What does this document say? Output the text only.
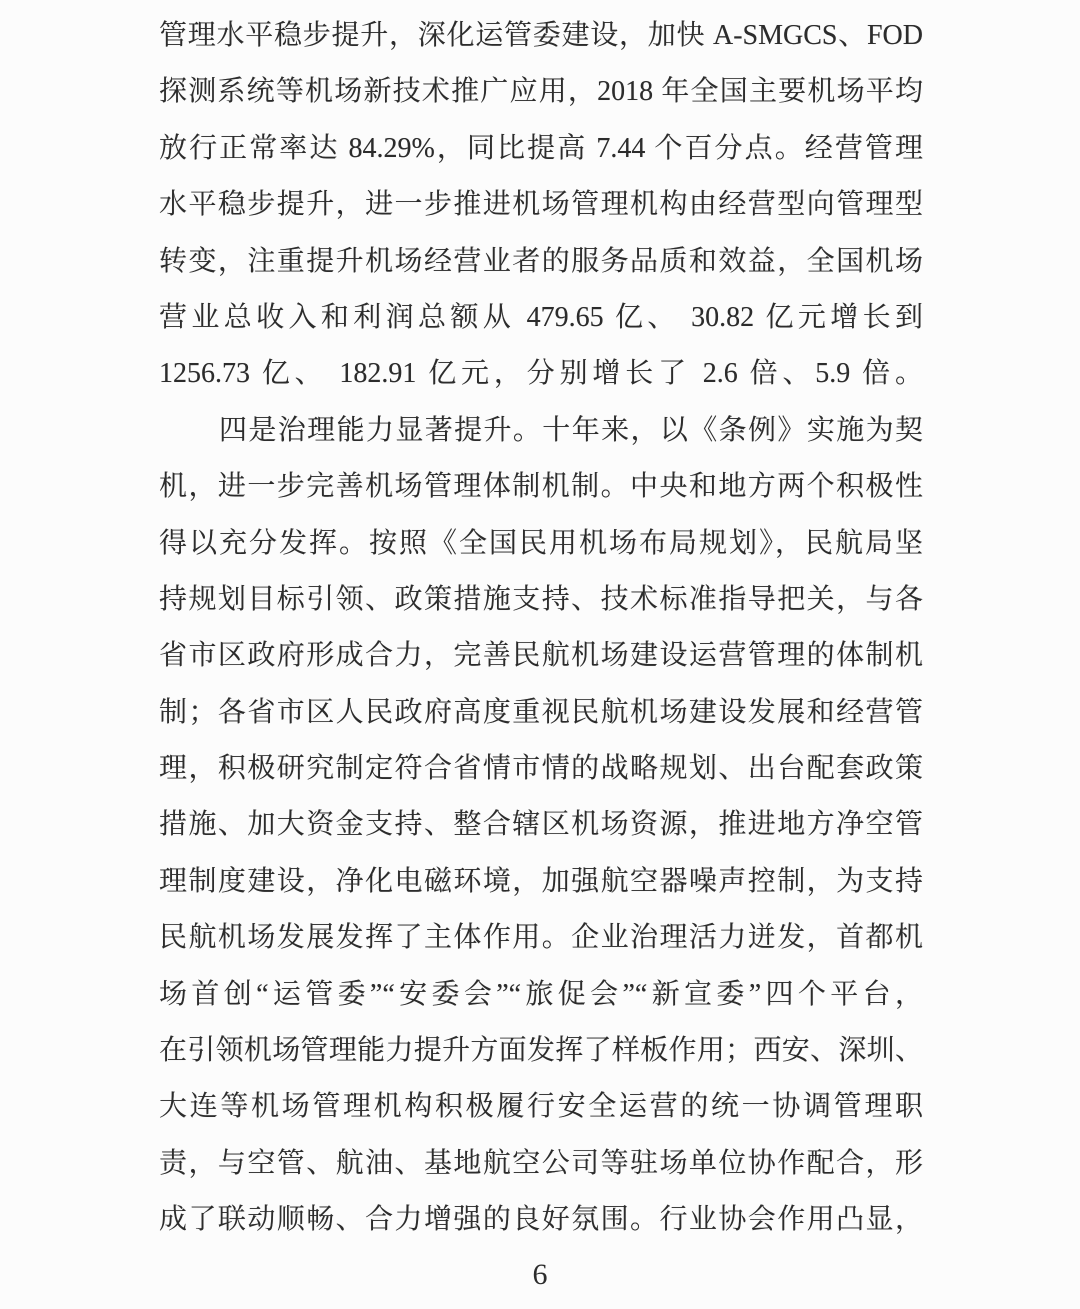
管理水平稳步提升，深化运管委建设，加快 A-SMGCS、FOD
探测系统等机场新技术推广应用，2018 年全国主要机场平均
放行正常率达 84.29%，同比提高 7.44 个百分点。经营管理
水平稳步提升，进一步推进机场管理机构由经营型向管理型
转变，注重提升机场经营业者的服务品质和效益，全国机场
营业总收入和利润总额从 479.65 亿、 30.82 亿元增长到
1256.73 亿、 182.91 亿元，分别增长了 2.6 倍、5.9 倍。
四是治理能力显著提升。十年来，以《条例》实施为契
机，进一步完善机场管理体制机制。中央和地方两个积极性
得以充分发挥。按照《全国民用机场布局规划》，民航局坚
持规划目标引领、政策措施支持、技术标准指导把关，与各
省市区政府形成合力，完善民航机场建设运营管理的体制机
制；各省市区人民政府高度重视民航机场建设发展和经营管
理，积极研究制定符合省情市情的战略规划、出台配套政策
措施、加大资金支持、整合辖区机场资源，推进地方净空管
理制度建设，净化电磁环境，加强航空器噪声控制，为支持
民航机场发展发挥了主体作用。企业治理活力迸发，首都机
场首创“运管委”“安委会”“旅促会”“新宣委”四个平台，
在引领机场管理能力提升方面发挥了样板作用；西安、深圳、
大连等机场管理机构积极履行安全运营的统一协调管理职
责，与空管、航油、基地航空公司等驻场单位协作配合，形
成了联动顺畅、合力增强的良好氛围。行业协会作用凸显，
6
